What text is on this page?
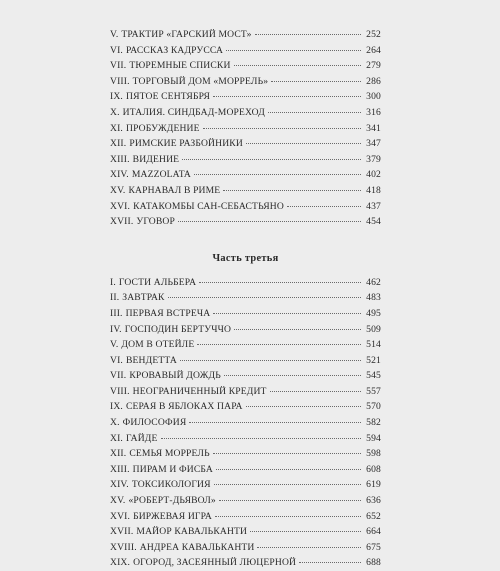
V. ТРАКТИР «ГАРСКИЙ МОСТ»	252
VI. РАССКАЗ КАДРУССА	264
VII. ТЮРЕМНЫЕ СПИСКИ	279
VIII. ТОРГОВЫЙ ДОМ «МОРРЕЛЬ»	286
IX. ПЯТОЕ СЕНТЯБРЯ	300
X. ИТАЛИЯ. СИНДБАД-МОРЕХОД	316
XI. ПРОБУЖДЕНИЕ	341
XII. РИМСКИЕ РАЗБОЙНИКИ	347
XIII. ВИДЕНИЕ	379
XIV. MAZZOLATA	402
XV. КАРНАВАЛ В РИМЕ	418
XVI. КАТАКОМБЫ САН-СЕБАСТЬЯНО	437
XVII. УГОВОР	454
Часть третья
I. ГОСТИ АЛЬБЕРА	462
II. ЗАВТРАК	483
III. ПЕРВАЯ ВСТРЕЧА	495
IV. ГОСПОДИН БЕРТУЧЧО	509
V. ДОМ В ОТЕЙЛЕ	514
VI. ВЕНДЕТТА	521
VII. КРОВАВЫЙ ДОЖДЬ	545
VIII. НЕОГРАНИЧЕННЫЙ КРЕДИТ	557
IX. СЕРАЯ В ЯБЛОКАХ ПАРА	570
X. ФИЛОСОФИЯ	582
XI. ГАЙДЕ	594
XII. СЕМЬЯ МОРРЕЛЬ	598
XIII. ПИРАМ И ФИСБА	608
XIV. ТОКСИКОЛОГИЯ	619
XV. «РОБЕРТ-ДЬЯВОЛ»	636
XVI. БИРЖЕВАЯ ИГРА	652
XVII. МАЙОР КАВАЛЬКАНТИ	664
XVIII. АНДРЕА КАВАЛЬКАНТИ	675
XIX. ОГОРОД, ЗАСЕЯННЫЙ ЛЮЦЕРНОЙ	688
